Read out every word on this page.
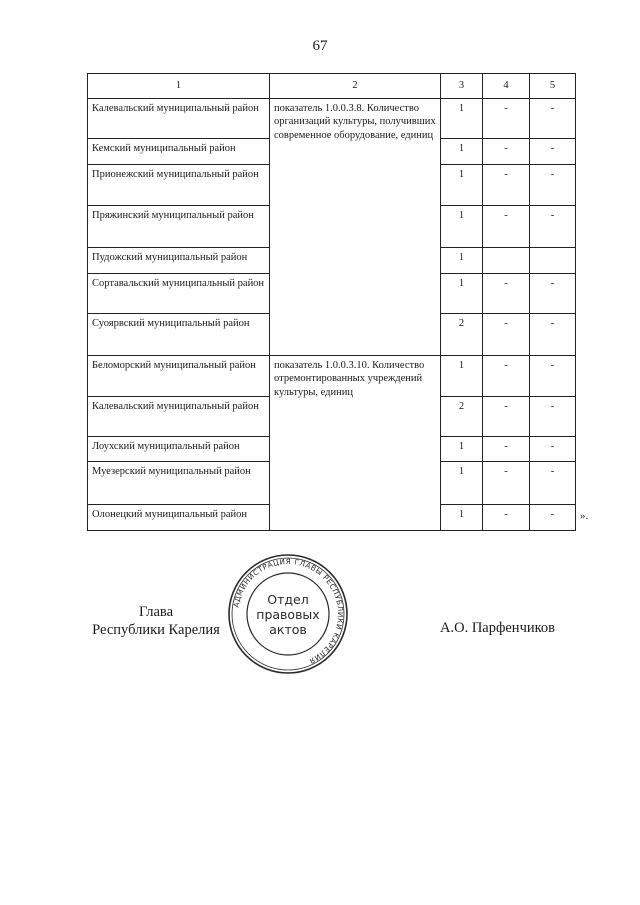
67
1	2	3	4	5
Калевальский муниципальный район	показатель 1.0.0.3.8. Количество организаций культуры, получивших современное оборудование, единиц	1	-	-
Кемский муниципальный район		1	-	-
Прионежский муниципальный район		1	-	-
Пряжинский муниципальный район		1	-	-
Пудожский муниципальный район		1		
Сортавальский муниципальный район		1	-	-
Суоярвский муниципальный район		2	-	-
Беломорский муниципальный район	показатель 1.0.0.3.10. Количество отремонтированных учреждений культуры, единиц	1	-	-
Калевальский муниципальный район		2	-	-
Лоухский муниципальный район		1	-	-
Муезерский муниципальный район		1	-	-
Олонецкий муниципальный район		1	-	- ».
Глава
Республики Карелия
АДМИНИСТРАЦИЯ ГЛАВЫ РЕСПУБЛИКИ КАРЕЛИЯ
Отдел
правовых
актов	А.О. Парфенчиков
